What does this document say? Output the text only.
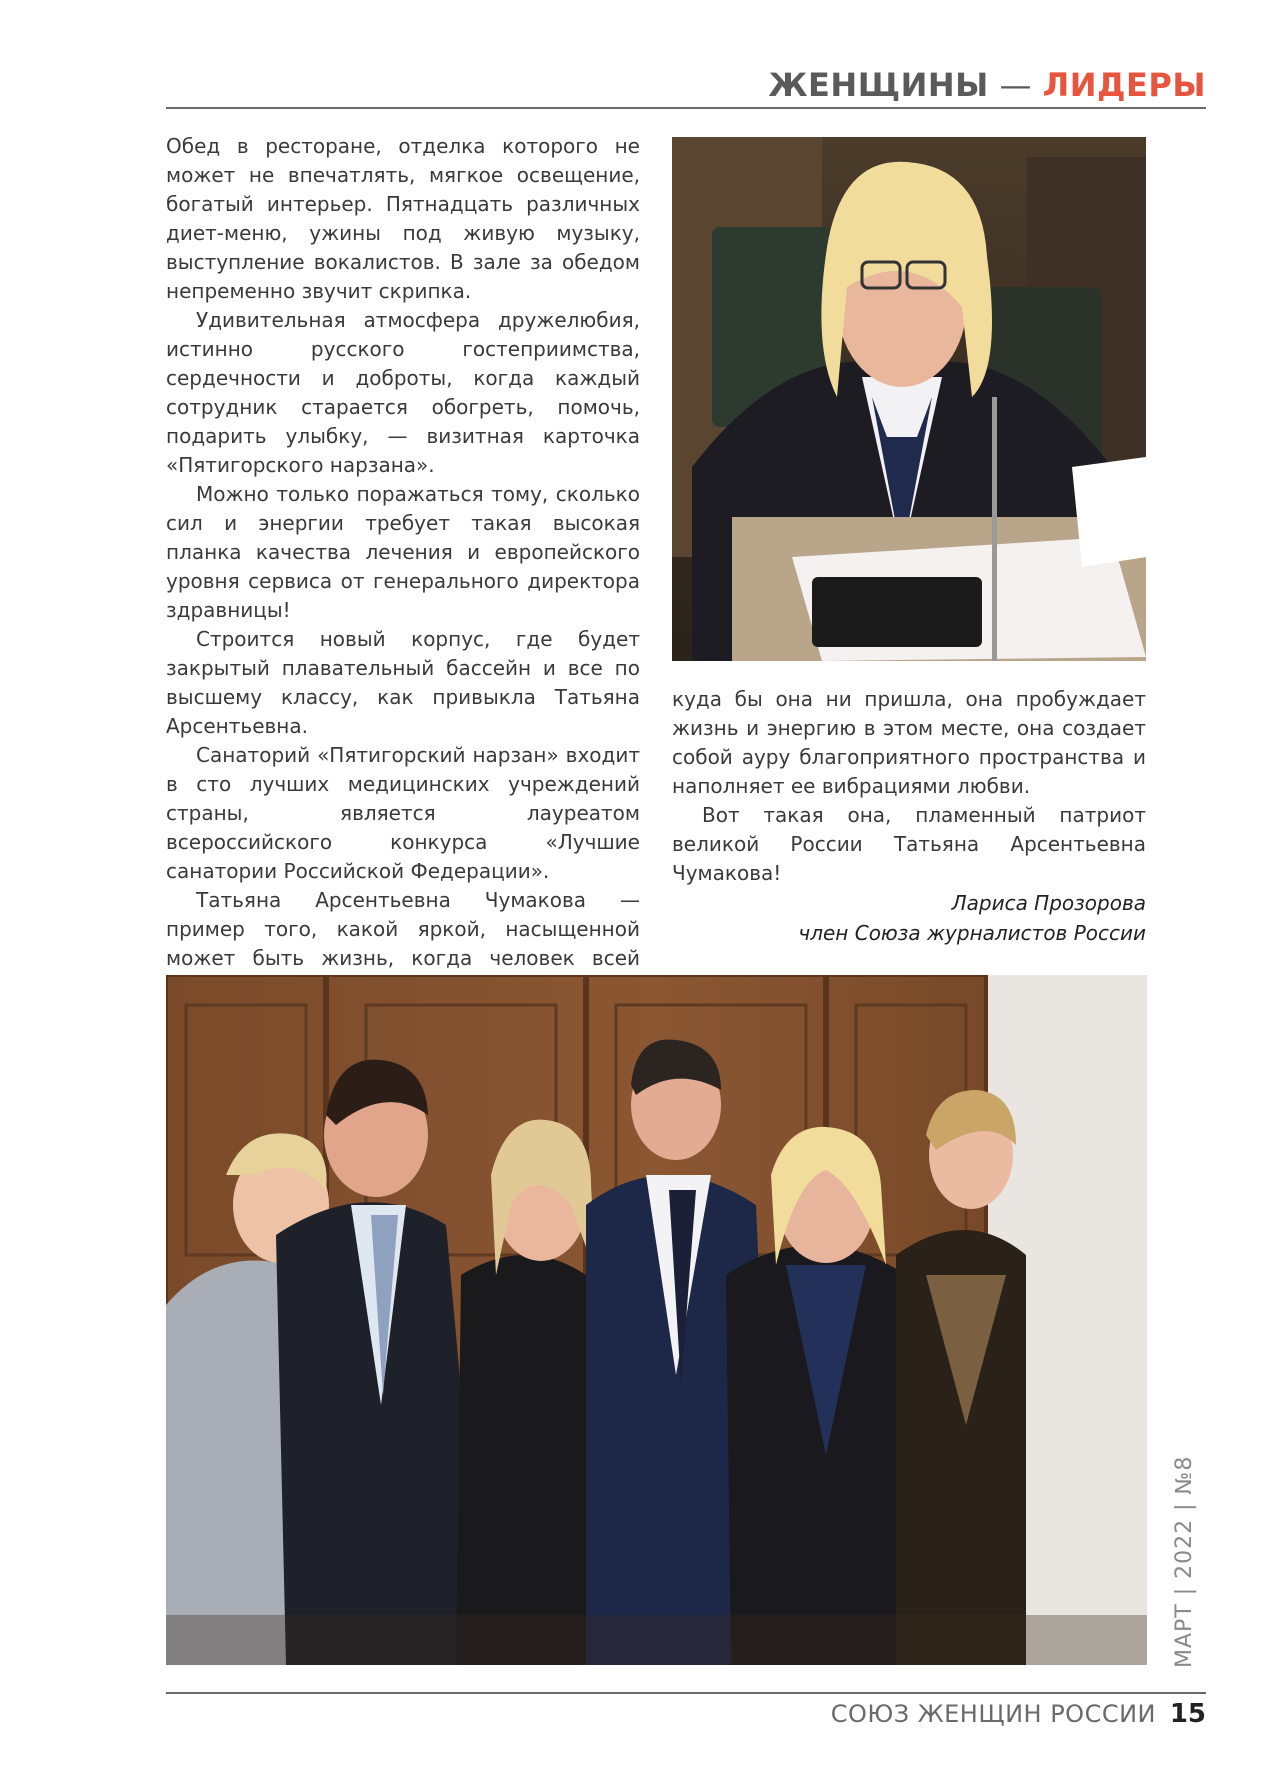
ЖЕНЩИНЫ — ЛИДЕРЫ

Обед в ресторане, отделка которого не может не впечатлять, мягкое освещение, богатый интерьер. Пятнадцать различных диет-меню, ужины под живую музыку, выступление вокалистов. В зале за обедом непременно звучит скрипка.

Удивительная атмосфера дружелюбия, истинно русского гостеприимства, сердечности и доброты, когда каждый сотрудник старается обогреть, помочь, подарить улыбку, — визитная карточка «Пятигорского нарзана».

Можно только поражаться тому, сколько сил и энергии требует такая высокая планка качества лечения и европейского уровня сервиса от генерального директора здравницы!

Строится новый корпус, где будет закрытый плавательный бассейн и все по высшему классу, как привыкла Татьяна Арсентьевна.

Санаторий «Пятигорский нарзан» входит в сто лучших медицинских учреждений страны, является лауреатом всероссийского конкурса «Лучшие санатории Российской Федерации».

Татьяна Арсентьевна Чумакова — пример того, какой яркой, насыщенной может быть жизнь, когда человек всей

куда бы она ни пришла, она пробуждает жизнь и энергию в этом месте, она создает собой ауру благоприятного пространства и наполняет ее вибрациями любви.

Вот такая она, пламенный патриот великой России Татьяна Арсентьевна Чумакова!

Лариса Прозорова
член Союза журналистов России
МАРТ | 2022 | №8
СОЮЗ ЖЕНЩИН РОССИИ 15
